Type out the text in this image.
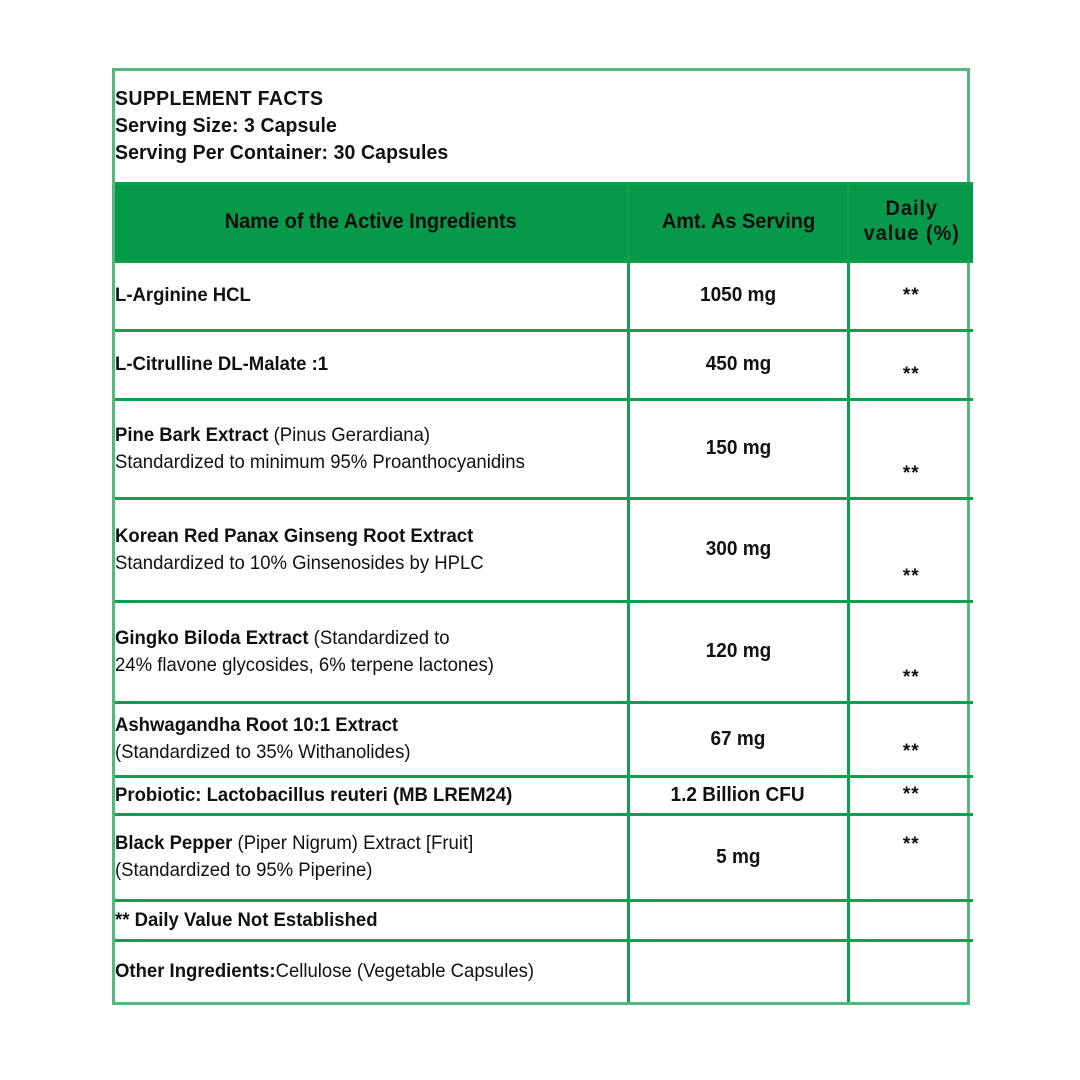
SUPPLEMENT FACTS
Serving Size: 3 Capsule
Serving Per Container: 30 Capsules		

Name of the Active Ingredients	Amt. As Serving	Daily
value (%)

L-Arginine HCL	1050 mg	**

L-Citrulline DL-Malate :1	450 mg	**

Pine Bark Extract (Pinus Gerardiana)
Standardized to minimum 95% Proanthocyanidins	150 mg	**

Korean Red Panax Ginseng Root Extract
Standardized to 10% Ginsenosides by HPLC	300 mg	**

Gingko Biloda Extract (Standardized to
24% flavone glycosides, 6% terpene lactones)	120 mg	**

Ashwagandha Root 10:1 Extract
(Standardized to 35% Withanolides)	67 mg	**

Probiotic: Lactobacillus reuteri (MB LREM24)	1.2 Billion CFU	**

Black Pepper (Piper Nigrum) Extract [Fruit]
(Standardized to 95% Piperine)	5 mg	**
** Daily Value Not Established		
Other Ingredients:Cellulose (Vegetable Capsules)		
